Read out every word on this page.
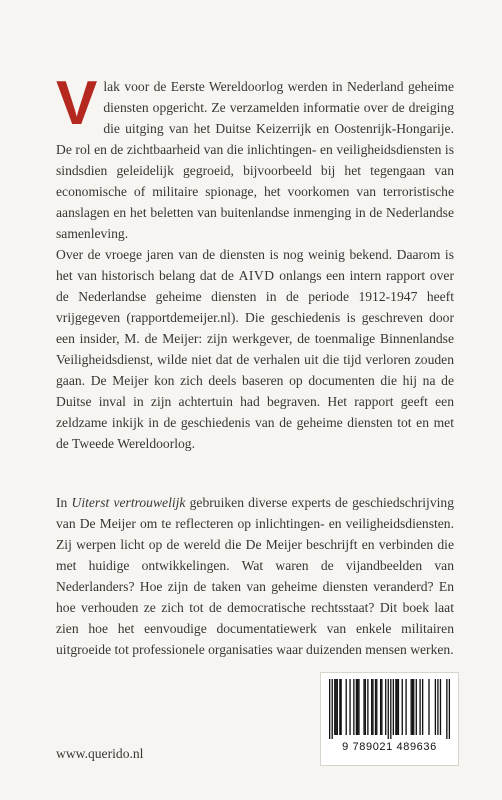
Vlak voor de Eerste Wereldoorlog werden in Nederland geheime diensten opgericht. Ze verzamelden informatie over de dreiging die uitging van het Duitse Keizerrijk en Oostenrijk-Hongarije. De rol en de zichtbaarheid van die inlichtingen- en veiligheidsdiensten is sindsdien geleidelijk gegroeid, bijvoorbeeld bij het tegengaan van economische of militaire spionage, het voorkomen van terroristische aanslagen en het beletten van buitenlandse inmenging in de Nederlandse samenleving.

Over de vroege jaren van de diensten is nog weinig bekend. Daarom is het van historisch belang dat de AIVD onlangs een intern rapport over de Nederlandse geheime diensten in de periode 1912-1947 heeft vrijgegeven (rapportdemeijer.nl). Die geschiedenis is geschreven door een insider, M. de Meijer: zijn werkgever, de toenmalige Binnenlandse Veiligheidsdienst, wilde niet dat de verhalen uit die tijd verloren zouden gaan. De Meijer kon zich deels baseren op documenten die hij na de Duitse inval in zijn achtertuin had begraven. Het rapport geeft een zeldzame inkijk in de geschiedenis van de geheime diensten tot en met de Tweede Wereldoorlog.

In Uiterst vertrouwelijk gebruiken diverse experts de geschiedschrijving van De Meijer om te reflecteren op inlichtingen- en veiligheidsdiensten. Zij werpen licht op de wereld die De Meijer beschrijft en verbinden die met huidige ontwikkelingen. Wat waren de vijandbeelden van Nederlanders? Hoe zijn de taken van geheime diensten veranderd? En hoe verhouden ze zich tot de democratische rechtsstaat? Dit boek laat zien hoe het eenvoudige documentatiewerk van enkele militairen uitgroeide tot professionele organisaties waar duizenden mensen werken.

www.querido.nl	9 789021 489636
